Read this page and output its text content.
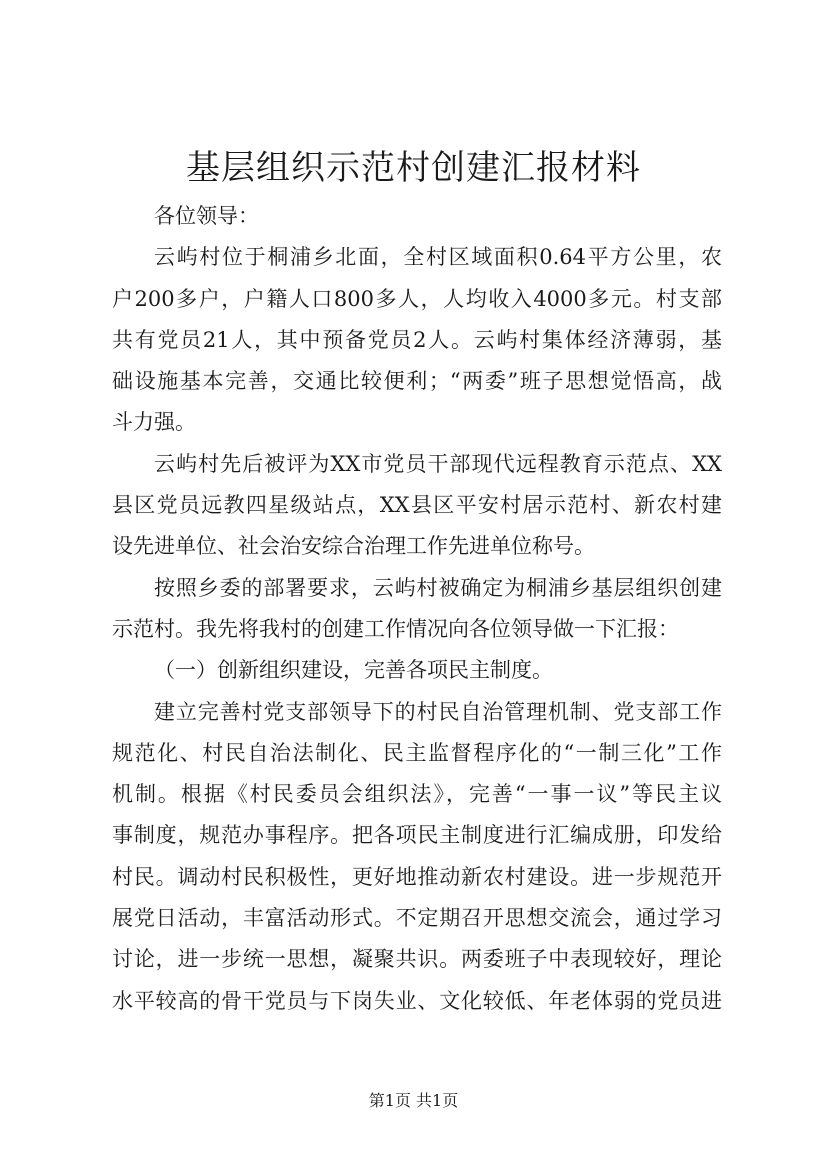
基层组织示范村创建汇报材料
各位领导：
云屿村位于桐浦乡北面，全村区域面积0.64平方公里，农
户200多户，户籍人口800多人，人均收入4000多元。村支部
共有党员21人，其中预备党员2人。云屿村集体经济薄弱，基
础设施基本完善，交通比较便利；“两委”班子思想觉悟高，战
斗力强。
云屿村先后被评为XX市党员干部现代远程教育示范点、XX
县区党员远教四星级站点，XX县区平安村居示范村、新农村建
设先进单位、社会治安综合治理工作先进单位称号。
按照乡委的部署要求，云屿村被确定为桐浦乡基层组织创建
示范村。我先将我村的创建工作情况向各位领导做一下汇报：
（一）创新组织建设，完善各项民主制度。
建立完善村党支部领导下的村民自治管理机制、党支部工作
规范化、村民自治法制化、民主监督程序化的“一制三化”工作
机制。根据《村民委员会组织法》，完善“一事一议”等民主议
事制度，规范办事程序。把各项民主制度进行汇编成册，印发给
村民。调动村民积极性，更好地推动新农村建设。进一步规范开
展党日活动，丰富活动形式。不定期召开思想交流会，通过学习
讨论，进一步统一思想，凝聚共识。两委班子中表现较好，理论
水平较高的骨干党员与下岗失业、文化较低、年老体弱的党员进
第1页 共1页
